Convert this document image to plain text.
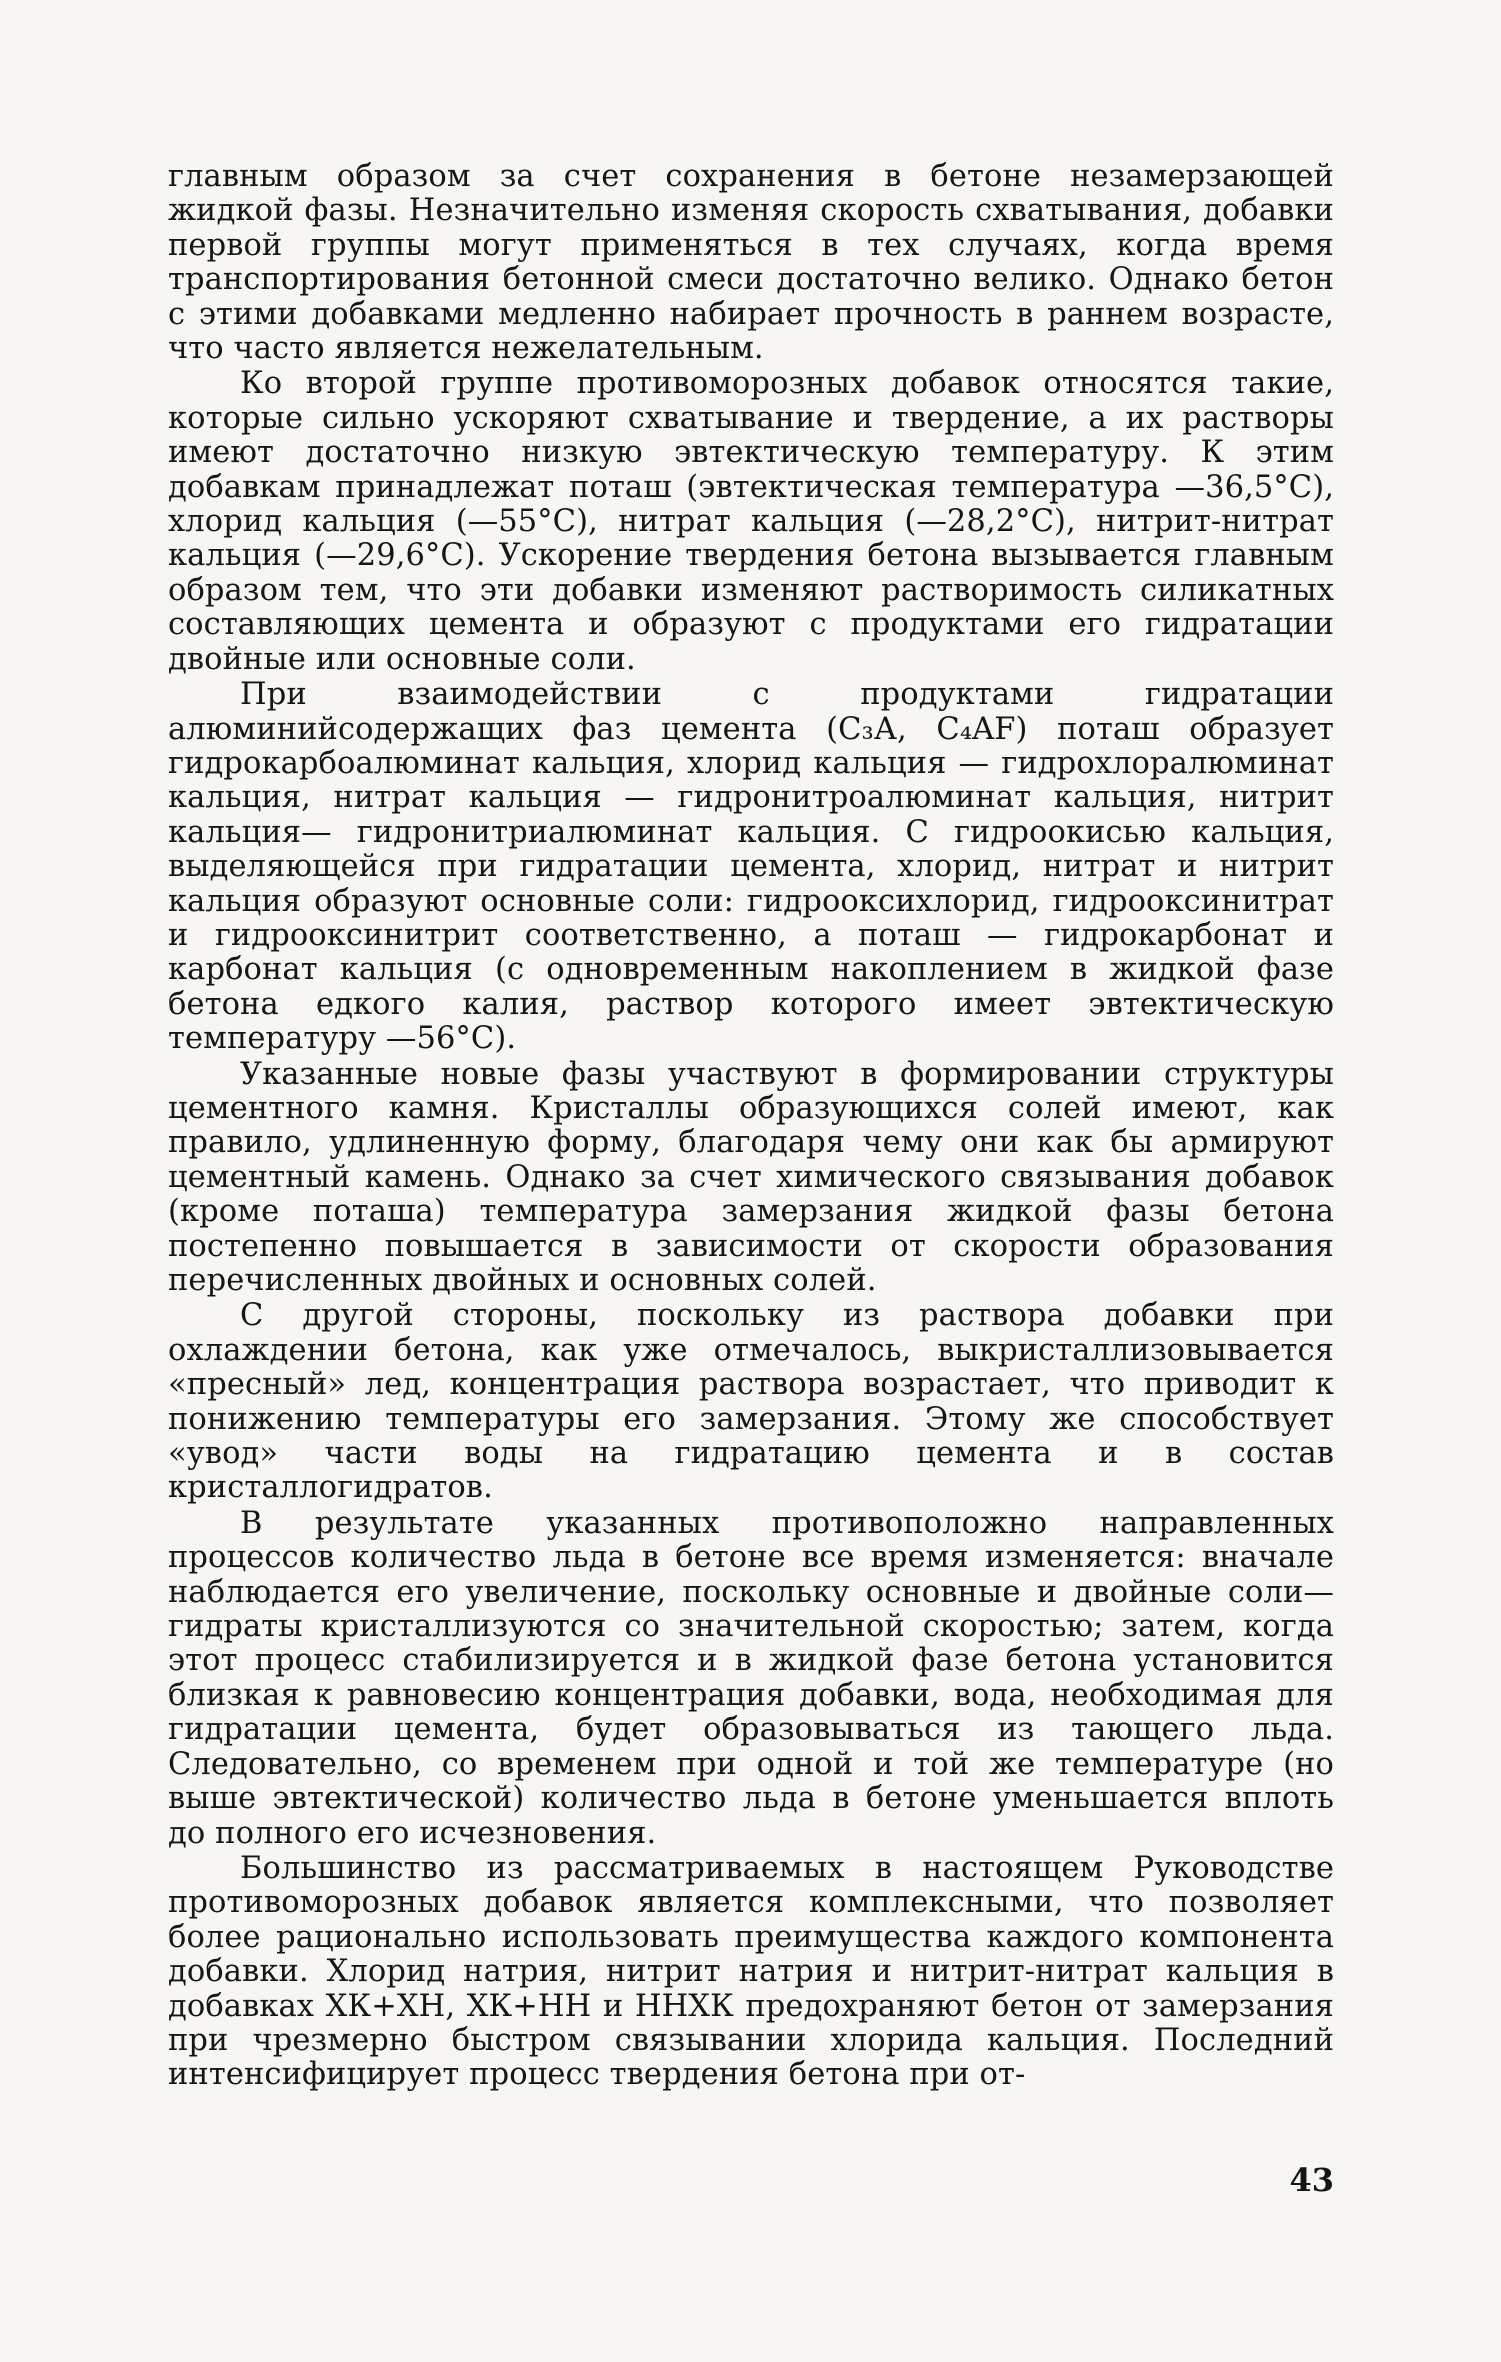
главным образом за счет сохранения в бетоне незамерзающей жидкой фазы. Незначительно изменяя скорость схватывания, добавки первой группы могут применяться в тех случаях, когда время транспортирования бетонной смеси достаточно велико. Однако бетон с этими добавками медленно набирает прочность в раннем возрасте, что часто является нежелательным.

Ко второй группе противоморозных добавок относятся такие, которые сильно ускоряют схватывание и твердение, а их растворы имеют достаточно низкую эвтектическую температуру. К этим добавкам принадлежат поташ (эвтектическая температура —36,5°С), хлорид кальция (—55°С), нитрат кальция (—28,2°С), нитрит-нитрат кальция (—29,6°С). Ускорение твердения бетона вызывается главным образом тем, что эти добавки изменяют растворимость силикатных составляющих цемента и образуют с продуктами его гидратации двойные или основные соли.

При взаимодействии с продуктами гидратации алюминийсодержащих фаз цемента (С₃А, С₄AF) поташ образует гидрокарбоалюминат кальция, хлорид кальция — гидрохлоралюминат кальция, нитрат кальция — гидронитроалюминат кальция, нитрит кальция— гидронитриалюминат кальция. С гидроокисью кальция, выделяющейся при гидратации цемента, хлорид, нитрат и нитрит кальция образуют основные соли: гидрооксихлорид, гидрооксинитрат и гидрооксинитрит соответственно, а поташ — гидрокарбонат и карбонат кальция (с одновременным накоплением в жидкой фазе бетона едкого калия, раствор которого имеет эвтектическую температуру —56°С).

Указанные новые фазы участвуют в формировании структуры цементного камня. Кристаллы образующихся солей имеют, как правило, удлиненную форму, благодаря чему они как бы армируют цементный камень. Однако за счет химического связывания добавок (кроме поташа) температура замерзания жидкой фазы бетона постепенно повышается в зависимости от скорости образования перечисленных двойных и основных солей.

С другой стороны, поскольку из раствора добавки при охлаждении бетона, как уже отмечалось, выкристаллизовывается «пресный» лед, концентрация раствора возрастает, что приводит к понижению температуры его замерзания. Этому же способствует «увод» части воды на гидратацию цемента и в состав кристаллогидратов.

В результате указанных противоположно направленных процессов количество льда в бетоне все время изменяется: вначале наблюдается его увеличение, поскольку основные и двойные соли— гидраты кристаллизуются со значительной скоростью; затем, когда этот процесс стабилизируется и в жидкой фазе бетона установится близкая к равновесию концентрация добавки, вода, необходимая для гидратации цемента, будет образовываться из тающего льда. Следовательно, со временем при одной и той же температуре (но выше эвтектической) количество льда в бетоне уменьшается вплоть до полного его исчезновения.

Большинство из рассматриваемых в настоящем Руководстве противоморозных добавок является комплексными, что позволяет более рационально использовать преимущества каждого компонента добавки. Хлорид натрия, нитрит натрия и нитрит-нитрат кальция в добавках ХК+ХН, ХК+НН и ННХК предохраняют бетон от замерзания при чрезмерно быстром связывании хлорида кальция. Последний интенсифицирует процесс твердения бетона при от-

43
